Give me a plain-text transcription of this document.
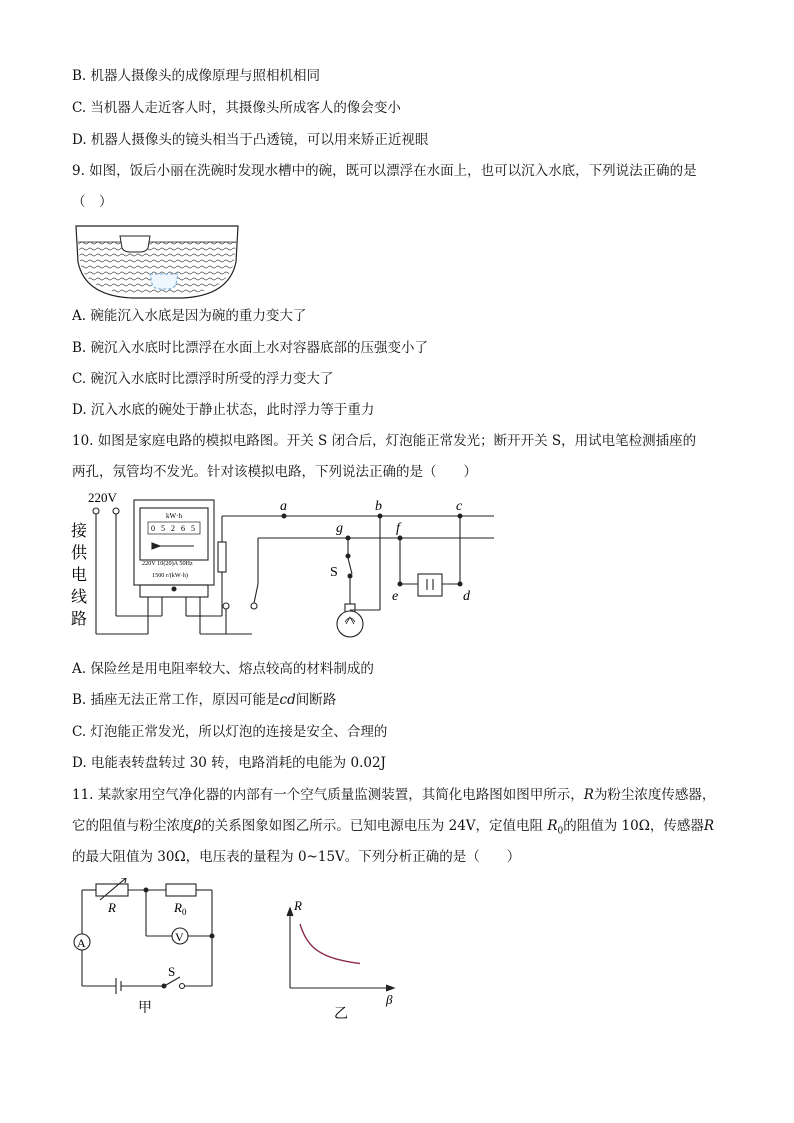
B. 机器人摄像头的成像原理与照相机相同
C. 当机器人走近客人时，其摄像头所成客人的像会变小
D. 机器人摄像头的镜头相当于凸透镜，可以用来矫正近视眼
9. 如图，饭后小丽在洗碗时发现水槽中的碗，既可以漂浮在水面上，也可以沉入水底，下列说法正确的是
（　）
A. 碗能沉入水底是因为碗的重力变大了
B. 碗沉入水底时比漂浮在水面上水对容器底部的压强变小了
C. 碗沉入水底时比漂浮时所受的浮力变大了
D. 沉入水底的碗处于静止状态，此时浮力等于重力
10. 如图是家庭电路的模拟电路图。开关 S 闭合后，灯泡能正常发光；断开开关 S，用试电笔检测插座的
两孔，氖管均不发光。针对该模拟电路，下列说法正确的是（　　）
220V
接
供
电
线
路
kW·h
0 5 2 6 5
220V 10(20)A 50Hz
1500 r/(kW·h)
a	b	c
g	f
e	d
S
A. 保险丝是用电阻率较大、熔点较高的材料制成的
B. 插座无法正常工作，原因可能是cd间断路
C. 灯泡能正常发光，所以灯泡的连接是安全、合理的
D. 电能表转盘转过 30 转，电路消耗的电能为 0.02J
11. 某款家用空气净化器的内部有一个空气质量监测装置，其简化电路图如图甲所示，R为粉尘浓度传感器，
它的阻值与粉尘浓度β的关系图象如图乙所示。已知电源电压为 24V，定值电阻 $R_0$的阻值为 10Ω，传感器R
的最大阻值为 30Ω，电压表的量程为 0~15V。下列分析正确的是（　　）
R	$R_0$
A	V
S
甲
R
β
乙
